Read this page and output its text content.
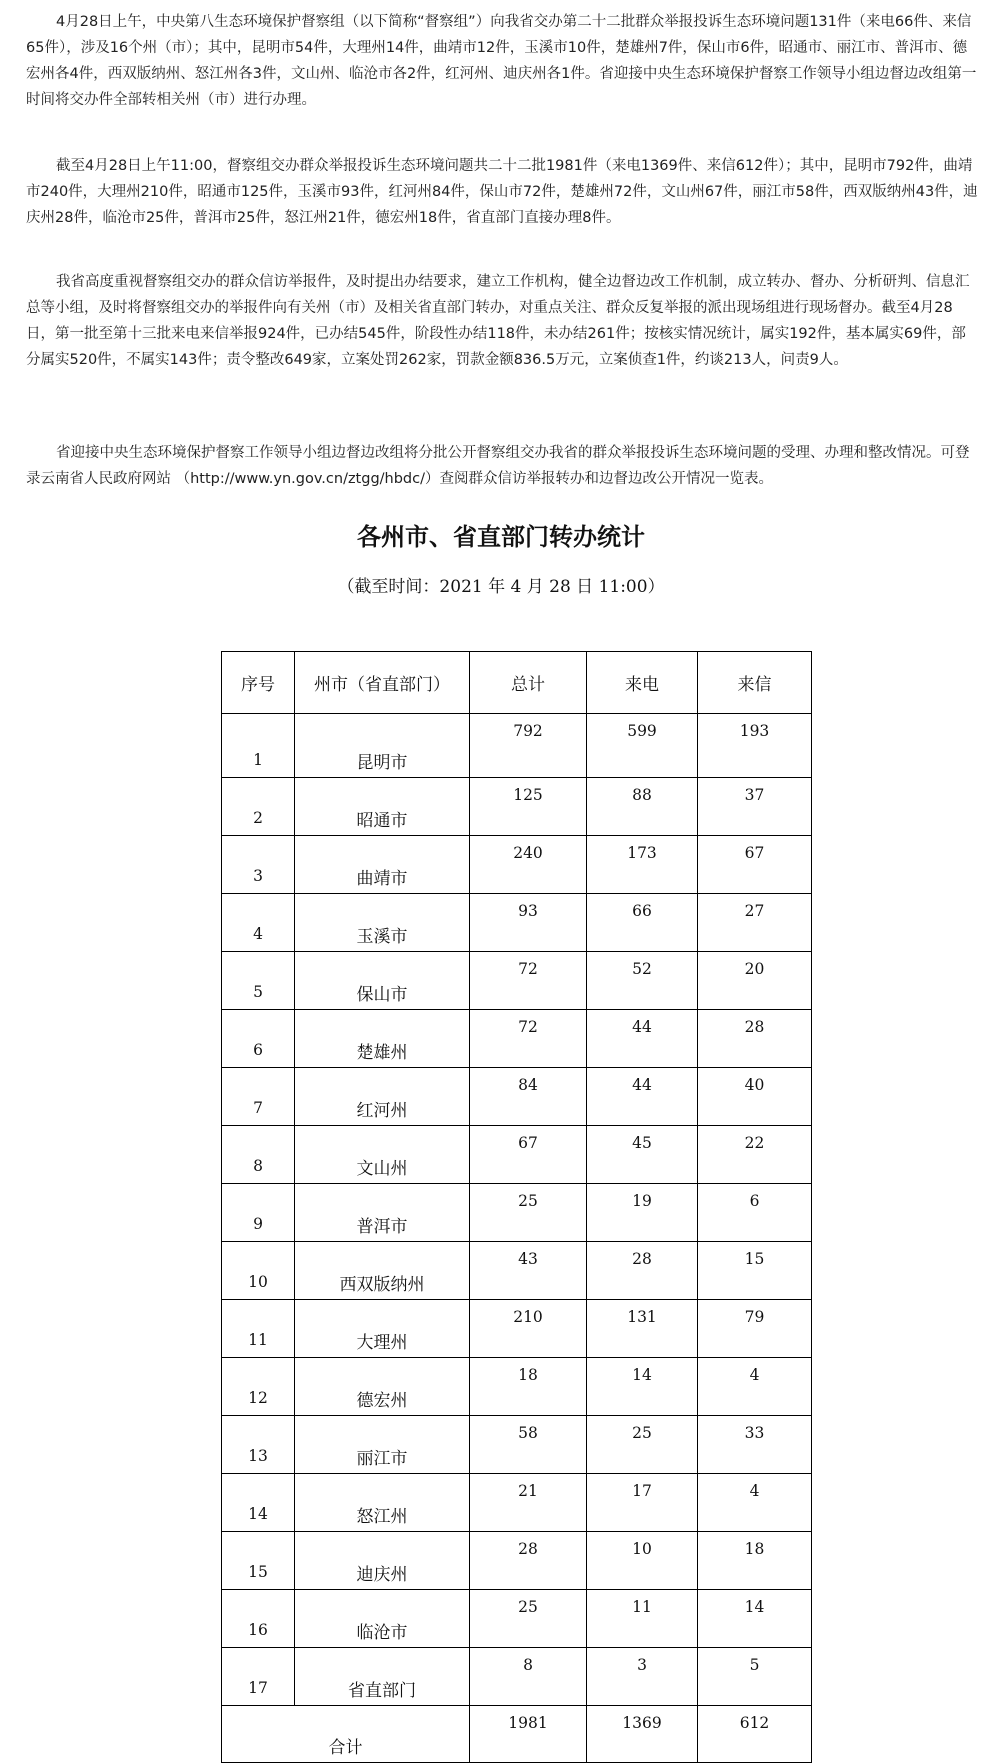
4月28日上午，中央第八生态环境保护督察组（以下简称“督察组”）向我省交办第二十二批群众举报投诉生态环境问题131件（来电66件、来信65件），涉及16个州（市）；其中，昆明市54件，大理州14件，曲靖市12件，玉溪市10件，楚雄州7件，保山市6件，昭通市、丽江市、普洱市、德宏州各4件，西双版纳州、怒江州各3件，文山州、临沧市各2件，红河州、迪庆州各1件。省迎接中央生态环境保护督察工作领导小组边督边改组第一时间将交办件全部转相关州（市）进行办理。

截至4月28日上午11:00，督察组交办群众举报投诉生态环境问题共二十二批1981件（来电1369件、来信612件）；其中，昆明市792件，曲靖市240件，大理州210件，昭通市125件，玉溪市93件，红河州84件，保山市72件，楚雄州72件，文山州67件，丽江市58件，西双版纳州43件，迪庆州28件，临沧市25件，普洱市25件，怒江州21件，德宏州18件，省直部门直接办理8件。

我省高度重视督察组交办的群众信访举报件，及时提出办结要求，建立工作机构，健全边督边改工作机制，成立转办、督办、分析研判、信息汇总等小组，及时将督察组交办的举报件向有关州（市）及相关省直部门转办，对重点关注、群众反复举报的派出现场组进行现场督办。截至4月28日，第一批至第十三批来电来信举报924件，已办结545件，阶段性办结118件，未办结261件；按核实情况统计，属实192件，基本属实69件，部分属实520件，不属实143件；责令整改649家，立案处罚262家，罚款金额836.5万元，立案侦查1件，约谈213人，问责9人。

省迎接中央生态环境保护督察工作领导小组边督边改组将分批公开督察组交办我省的群众举报投诉生态环境问题的受理、办理和整改情况。可登录云南省人民政府网站 （http://www.yn.gov.cn/ztgg/hbdc/）查阅群众信访举报转办和边督边改公开情况一览表。

各州市、省直部门转办统计
（截至时间：2021 年 4 月 28 日 11:00）
序号	州市（省直部门）	总计	来电	来信
1	昆明市	792	599	193
2	昭通市	125	88	37
3	曲靖市	240	173	67
4	玉溪市	93	66	27
5	保山市	72	52	20
6	楚雄州	72	44	28
7	红河州	84	44	40
8	文山州	67	45	22
9	普洱市	25	19	6
10	西双版纳州	43	28	15
11	大理州	210	131	79
12	德宏州	18	14	4
13	丽江市	58	25	33
14	怒江州	21	17	4
15	迪庆州	28	10	18
16	临沧市	25	11	14
17	省直部门	8	3	5
合计		1981	1369	612
